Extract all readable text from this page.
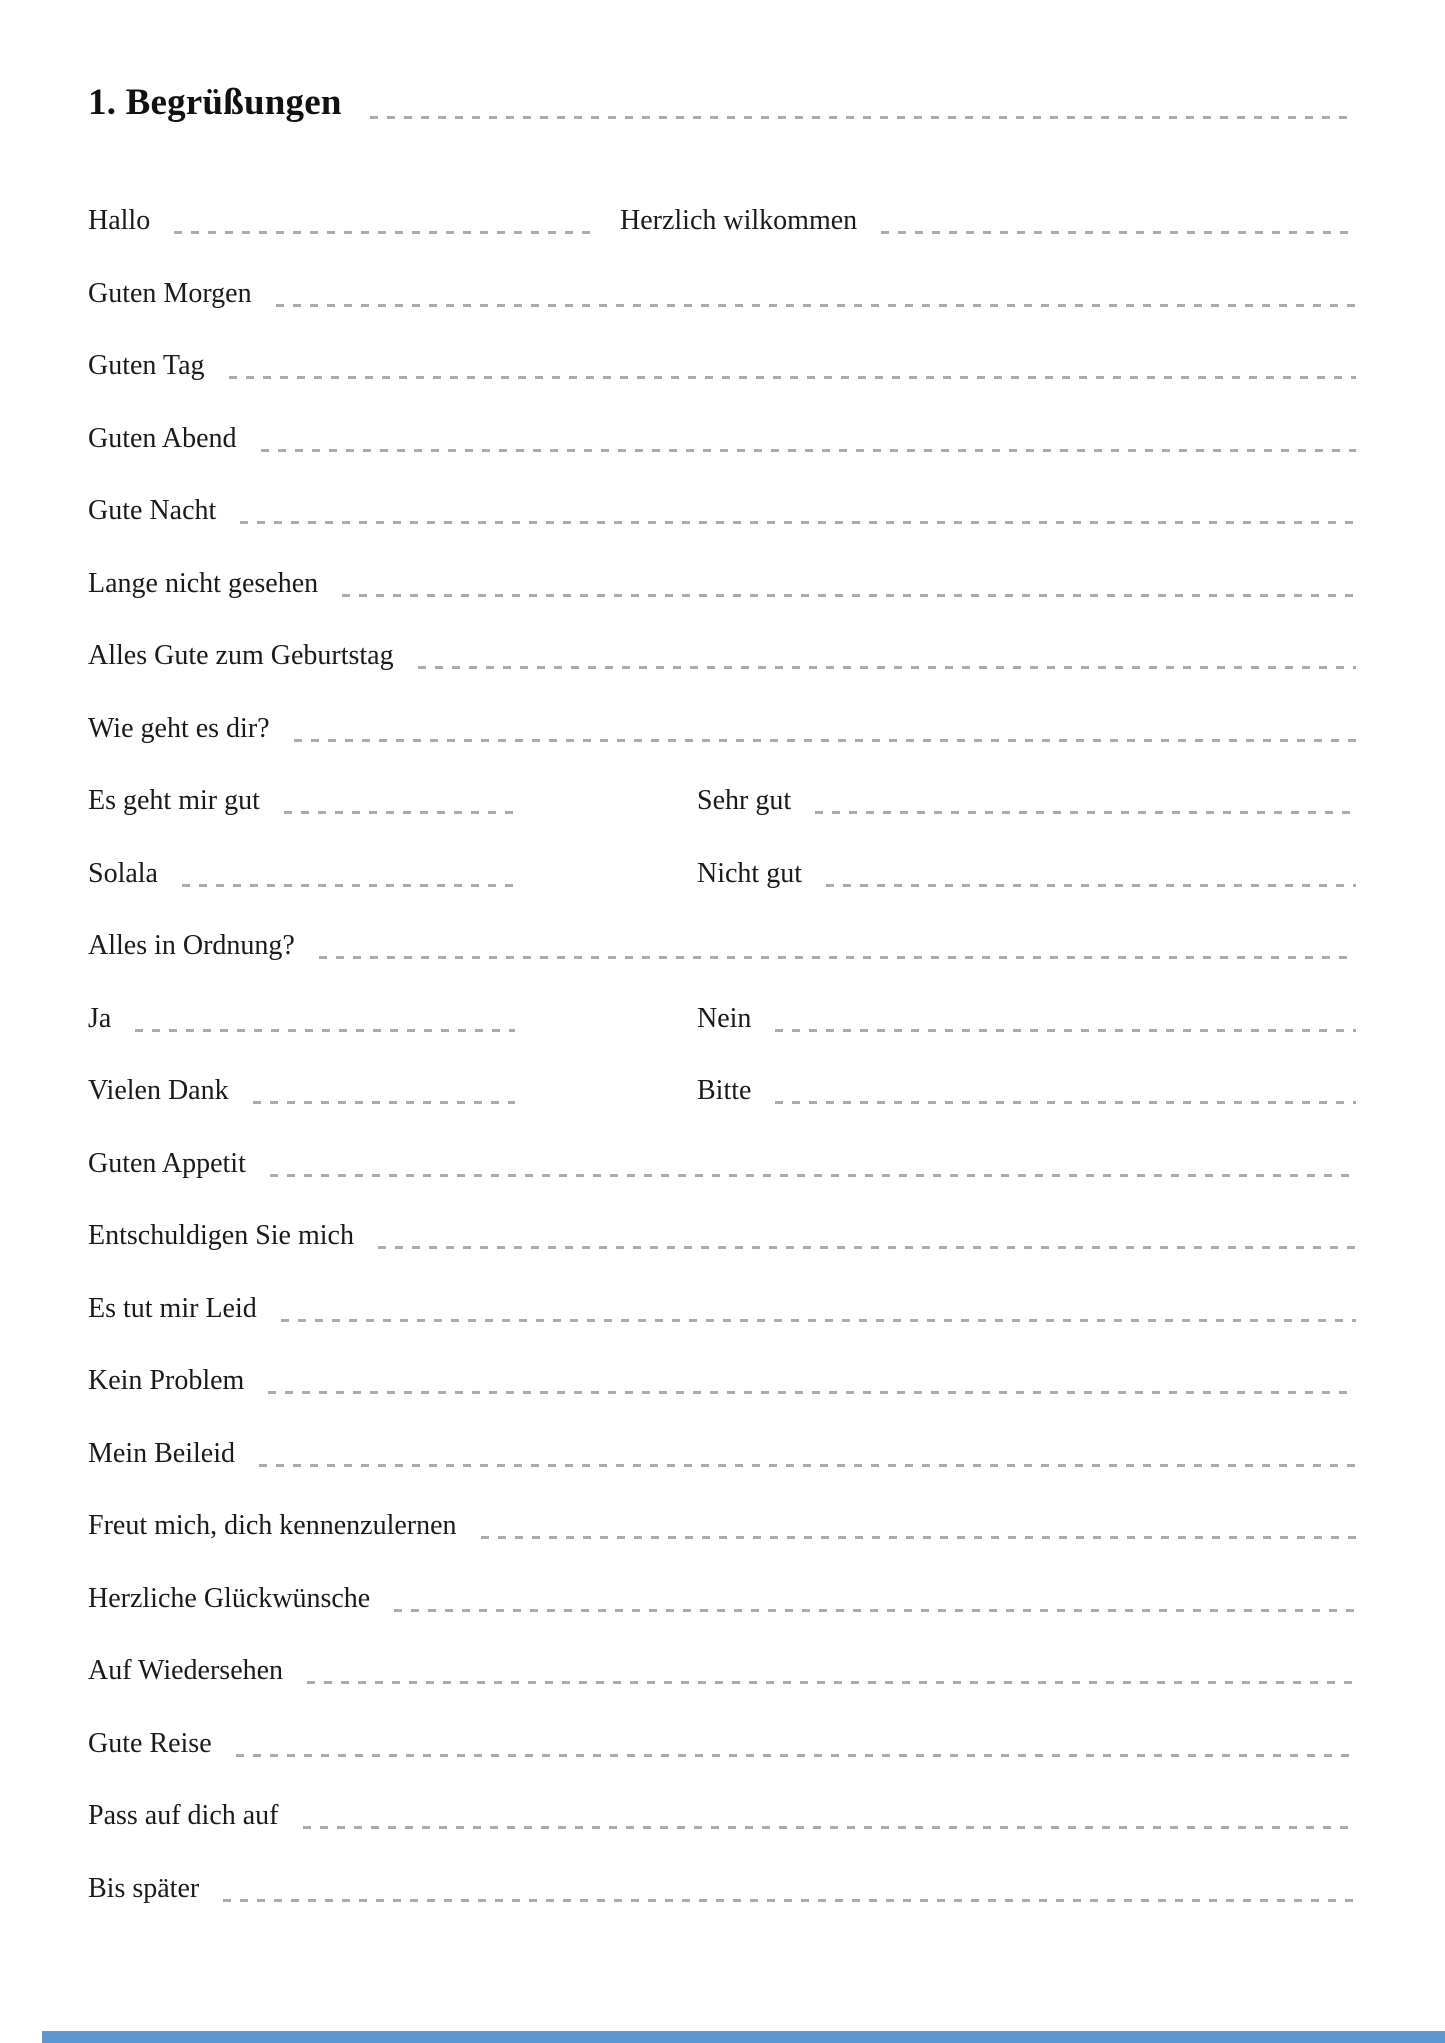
1. Begrüßungen
Hallo	Herzlich wilkommen
Guten Morgen
Guten Tag
Guten Abend
Gute Nacht
Lange nicht gesehen
Alles Gute zum Geburtstag
Wie geht es dir?
Es geht mir gut	Sehr gut
Solala	Nicht gut
Alles in Ordnung?
Ja	Nein
Vielen Dank	Bitte
Guten Appetit
Entschuldigen Sie mich
Es tut mir Leid
Kein Problem
Mein Beileid
Freut mich, dich kennenzulernen
Herzliche Glückwünsche
Auf Wiedersehen
Gute Reise
Pass auf dich auf
Bis später
